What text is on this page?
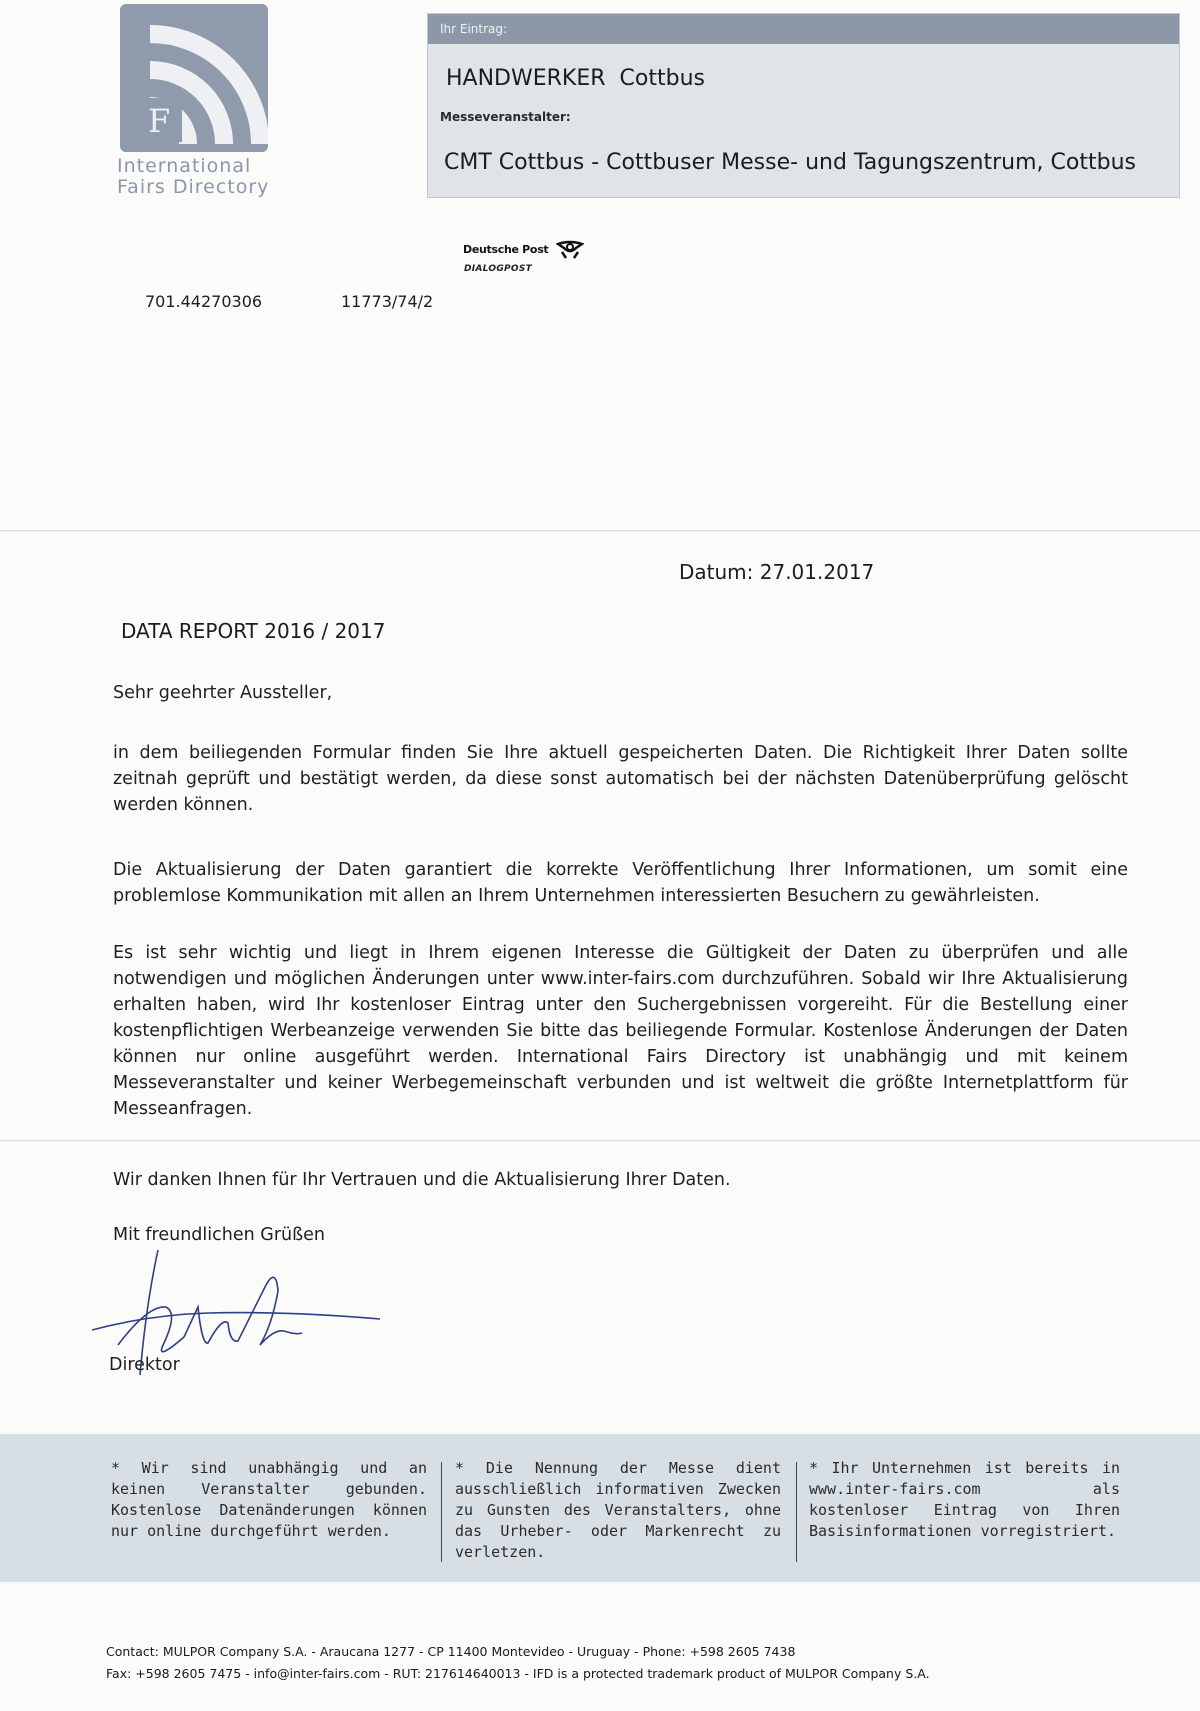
F
International
Fairs Directory
Ihr Eintrag:
HANDWERKER  Cottbus
Messeveranstalter:
CMT Cottbus - Cottbuser Messe- und Tagungszentrum, Cottbus
Deutsche Post
DIALOGPOST
701.44270306	11773/74/2
Datum: 27.01.2017
DATA REPORT 2016 / 2017
Sehr geehrter Aussteller,
in dem beiliegenden Formular finden Sie Ihre aktuell gespeicherten Daten. Die Richtigkeit Ihrer Daten sollte zeitnah geprüft und bestätigt werden, da diese sonst automatisch bei der nächsten Datenüberprüfung gelöscht werden können.
Die Aktualisierung der Daten garantiert die korrekte Veröffentlichung Ihrer Informationen, um somit eine problemlose Kommunikation mit allen an Ihrem Unternehmen interessierten Besuchern zu gewährleisten.
Es ist sehr wichtig und liegt in Ihrem eigenen Interesse die Gültigkeit der Daten zu überprüfen und alle notwendigen und möglichen Änderungen unter www.inter-fairs.com durchzuführen. Sobald wir Ihre Aktualisierung erhalten haben, wird Ihr kostenloser Eintrag unter den Suchergebnissen vorgereiht. Für die Bestellung einer kostenpflichtigen Werbeanzeige verwenden Sie bitte das beiliegende Formular. Kostenlose Änderungen der Daten können nur online ausgeführt werden. International Fairs Directory ist unabhängig und mit keinem Messeveranstalter und keiner Werbegemeinschaft verbunden und ist weltweit die größte Internetplattform für Messeanfragen.
Wir danken Ihnen für Ihr Vertrauen und die Aktualisierung Ihrer Daten.
Mit freundlichen Grüßen
Direktor
* Wir sind unabhängig und an keinen Veranstalter gebunden. Kostenlose Datenänderungen können nur online durchgeführt werden.
* Die Nennung der Messe dient ausschließlich informativen Zwecken zu Gunsten des Veranstalters, ohne das Urheber- oder Markenrecht zu verletzen.
* Ihr Unternehmen ist bereits in www.inter-fairs.com als kostenloser Eintrag von Ihren Basisinformationen vorregistriert.
Contact: MULPOR Company S.A. - Araucana 1277 - CP 11400 Montevideo - Uruguay - Phone: +598 2605 7438
Fax: +598 2605 7475 - info@inter-fairs.com - RUT: 217614640013 - IFD is a protected trademark product of MULPOR Company S.A.
